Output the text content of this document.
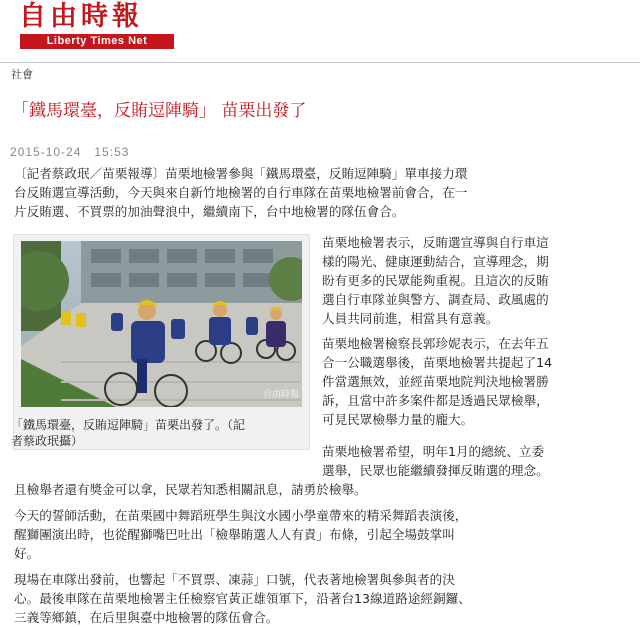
自由時報
Liberty Times Net
社會
「鐵馬環臺，反賄逗陣騎」 苗栗出發了
2015-10-24　15:53

〔記者蔡政珉／苗栗報導〕苗栗地檢署參與「鐵馬環臺，反賄逗陣騎」單車接力環
台反賄選宣導活動，今天與來自新竹地檢署的自行車隊在苗栗地檢署前會合，在一
片反賄選、不買票的加油聲浪中，繼續南下，台中地檢署的隊伍會合。

自由時報

「鐵馬環臺，反賄逗陣騎」苗栗出發了。（記
者蔡政珉攝）

苗栗地檢署表示，反賄選宣導與自行車這
樣的陽光、健康運動結合，宣導理念，期
盼有更多的民眾能夠重視。且這次的反賄
選自行車隊並與警方、調查局、政風處的
人員共同前進，相當具有意義。

苗栗地檢署檢察長郭珍妮表示，在去年五
合一公職選舉後，苗栗地檢署共提起了14
件當選無效，並經苗栗地院判決地檢署勝
訴，且當中許多案件都是透過民眾檢舉，
可見民眾檢舉力量的龐大。

苗栗地檢署希望，明年1月的總統、立委
選舉，民眾也能繼續發揮反賄選的理念。
且檢舉者還有獎金可以拿，民眾若知悉相關訊息，請勇於檢舉。

今天的誓師活動，在苗栗國中舞蹈班學生與汶水國小學童帶來的精采舞蹈表演後，
醒獅團演出時，也從醒獅嘴巴吐出「檢舉賄選人人有責」布條，引起全場鼓掌叫
好。

現場在車隊出發前，也響起「不買票、凍蒜」口號，代表著地檢署與參與者的決
心。最後車隊在苗栗地檢署主任檢察官黃正雄領軍下，沿著台13線道路途經銅鑼、
三義等鄉鎮，在后里與臺中地檢署的隊伍會合。
